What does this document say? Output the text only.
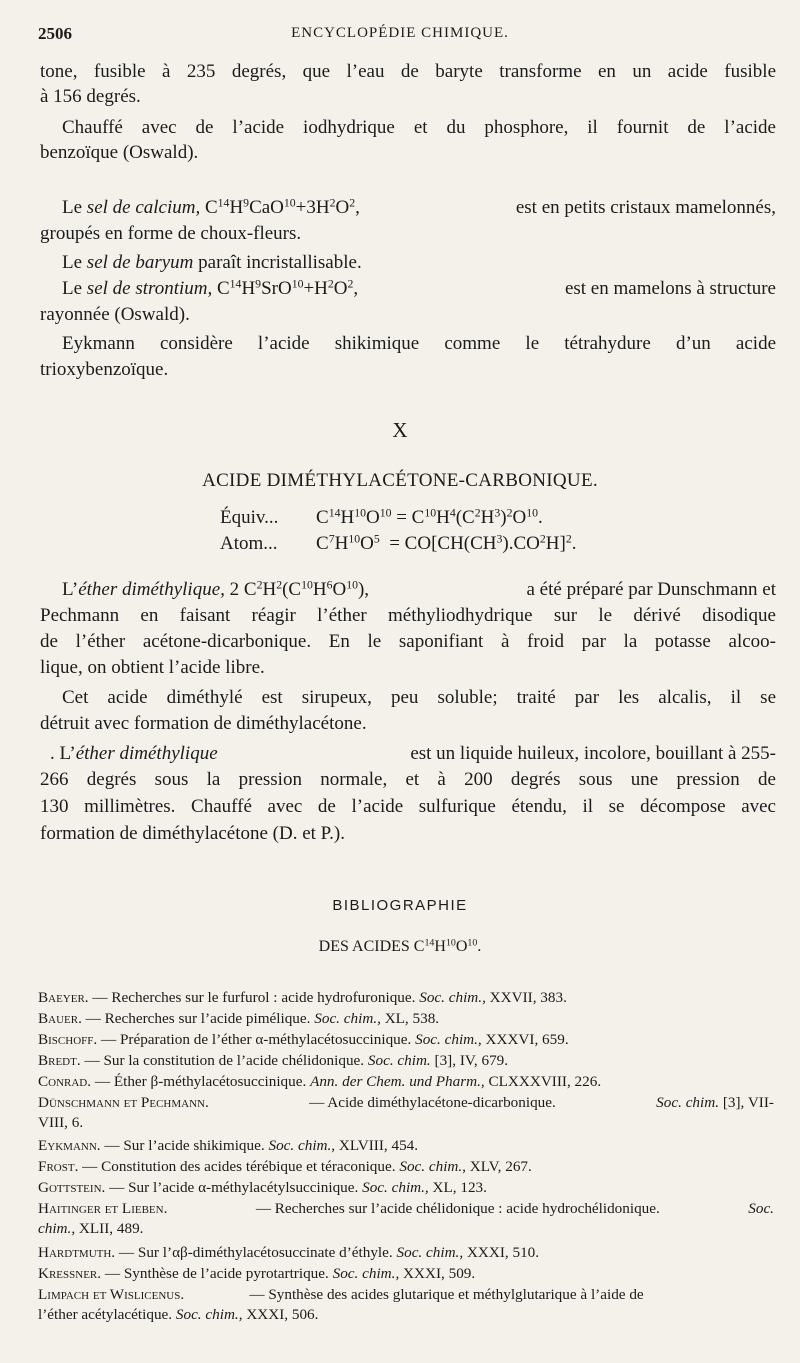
2506	ENCYCLOPÉDIE CHIMIQUE.
tone, fusible à 235 degrés, que l’eau de baryte transforme en un acide fusible
à 156 degrés.
Chauffé avec de l’acide iodhydrique et du phosphore, il fournit de l’acide
benzoïque (Oswald).
Le sel de calcium, $C^{14}H^9CaO^{10}+3H^2O^2$,	est en petits cristaux mamelonnés,
groupés en forme de choux-fleurs.
Le sel de baryum paraît incristallisable.
Le sel de strontium, $C^{14}H^9SrO^{10}+H^2O^2$,	est en mamelons à structure
rayonnée (Oswald).
Eykmann considère l’acide shikimique comme le tétrahydure d’un acide
trioxybenzoïque.
X
ACIDE DIMÉTHYLACÉTONE-CARBONIQUE.
Équiv... $C^{14}H^{10}O^{10} = C^{10}H^4(C^2H^3)^2O^{10}$.
Atom... $C^7H^{10}O^5 = CO[CH(CH^3).CO^2H]^2$.
L’éther diméthylique, 2 $C^2H^2(C^{10}H^6O^{10})$,	a été préparé par Dunschmann et
Pechmann en faisant réagir l’éther méthyliodhydrique sur le dérivé disodique
de l’éther acétone-dicarbonique. En le saponifiant à froid par la potasse alcoo-
lique, on obtient l’acide libre.
Cet acide diméthylé est sirupeux, peu soluble; traité par les alcalis, il se
détruit avec formation de diméthylacétone.
. L’éther diméthylique	est un liquide huileux, incolore, bouillant à 255-
266 degrés sous la pression normale, et à 200 degrés sous une pression de
130 millimètres. Chauffé avec de l’acide sulfurique étendu, il se décompose avec
formation de diméthylacétone (D. et P.).
BIBLIOGRAPHIE
DES ACIDES $C^{14}H^{10}O^{10}$.
Baeyer. — Recherches sur le furfurol : acide hydrofuronique. Soc. chim., XXVII, 383.
Bauer. — Recherches sur l’acide pimélique. Soc. chim., XL, 538.
Bischoff. — Préparation de l’éther α-méthylacétosuccinique. Soc. chim., XXXVI, 659.
Bredt. — Sur la constitution de l’acide chélidonique. Soc. chim. [3], IV, 679.
Conrad. — Éther β-méthylacétosuccinique. Ann. der Chem. und Pharm., CLXXXVIII, 226.
Dünschmann et Pechmann.	— Acide diméthylacétone-dicarbonique.	Soc. chim. [3], VII-
VIII, 6.
Eykmann. — Sur l’acide shikimique. Soc. chim., XLVIII, 454.
Frost. — Constitution des acides térébique et téraconique. Soc. chim., XLV, 267.
Gottstein. — Sur l’acide α-méthylacétylsuccinique. Soc. chim., XL, 123.
Haitinger et Lieben.	— Recherches sur l’acide chélidonique : acide hydrochélidonique.	Soc.
chim., XLII, 489.
Hardtmuth. — Sur l’αβ-diméthylacétosuccinate d’éthyle. Soc. chim., XXXI, 510.
Kressner. — Synthèse de l’acide pyrotartrique. Soc. chim., XXXI, 509.
Limpach et Wislicenus.	— Synthèse des acides glutarique et méthylglutarique à l’aide de
l’éther acétylacétique. Soc. chim., XXXI, 506.
